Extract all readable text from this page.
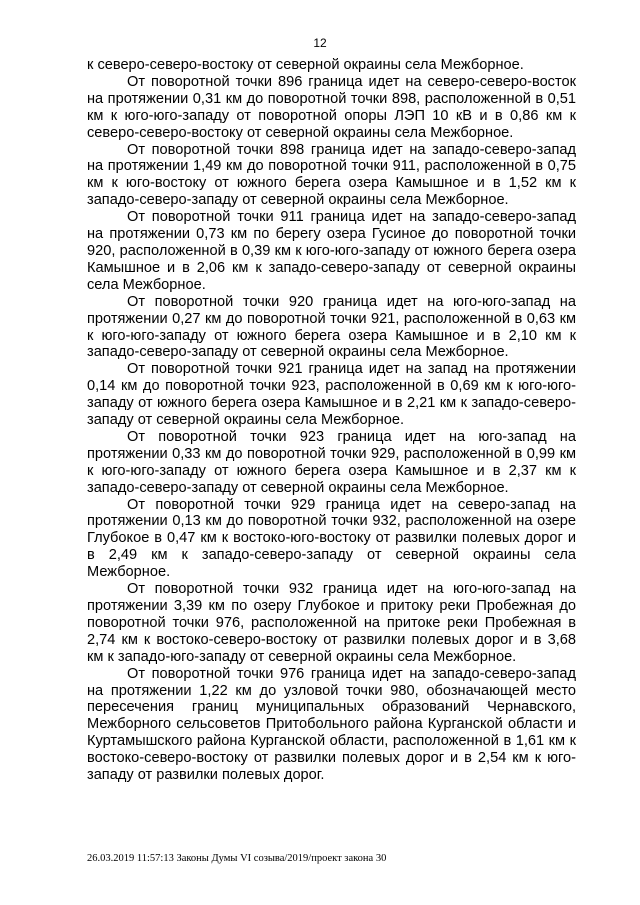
12

к северо-северо-востоку от северной окраины села Межборное.

От поворотной точки 896 граница идет на северо-северо-восток на протяжении 0,31 км до поворотной точки 898, расположенной в 0,51 км к юго-юго-западу от поворотной опоры ЛЭП 10 кВ и в 0,86 км к северо-северо-востоку от северной окраины села Межборное.

От поворотной точки 898 граница идет на западо-северо-запад на протяжении 1,49 км до поворотной точки 911, расположенной в 0,75 км к юго-востоку от южного берега озера Камышное и в 1,52 км к западо-северо-западу от северной окраины села Межборное.

От поворотной точки 911 граница идет на западо-северо-запад на протяжении 0,73 км по берегу озера Гусиное до поворотной точки 920, расположенной в 0,39 км к юго-юго-западу от южного берега озера Камышное и в 2,06 км к западо-северо-западу от северной окраины села Межборное.

От поворотной точки 920 граница идет на юго-юго-запад на протяжении 0,27 км до поворотной точки 921, расположенной в 0,63 км к юго-юго-западу от южного берега озера Камышное и в 2,10 км к западо-северо-западу от северной окраины села Межборное.

От поворотной точки 921 граница идет на запад на протяжении 0,14 км до поворотной точки 923, расположенной в 0,69 км к юго-юго-западу от южного берега озера Камышное и в 2,21 км к западо-северо-западу от северной окраины села Межборное.

От поворотной точки 923 граница идет на юго-запад на протяжении 0,33 км до поворотной точки 929, расположенной в 0,99 км к юго-юго-западу от южного берега озера Камышное и в 2,37 км к западо-северо-западу от северной окраины села Межборное.

От поворотной точки 929 граница идет на северо-запад на протяжении 0,13 км до поворотной точки 932, расположенной на озере Глубокое в 0,47 км к востоко-юго-востоку от развилки полевых дорог и в 2,49 км к западо-северо-западу от северной окраины села Межборное.

От поворотной точки 932 граница идет на юго-юго-запад на протяжении 3,39 км по озеру Глубокое и притоку реки Пробежная до поворотной точки 976, расположенной на притоке реки Пробежная в 2,74 км к востоко-северо-востоку от развилки полевых дорог и в 3,68 км к западо-юго-западу от северной окраины села Межборное.

От поворотной точки 976 граница идет на западо-северо-запад на протяжении 1,22 км до узловой точки 980, обозначающей место пересечения границ муниципальных образований Чернавского, Межборного сельсоветов Притобольного района Курганской области и Куртамышского района Курганской области, расположенной в 1,61 км к востоко-северо-востоку от развилки полевых дорог и в 2,54 км к юго-западу от развилки полевых дорог.

26.03.2019 11:57:13 Законы Думы VI созыва/2019/проект закона 30
